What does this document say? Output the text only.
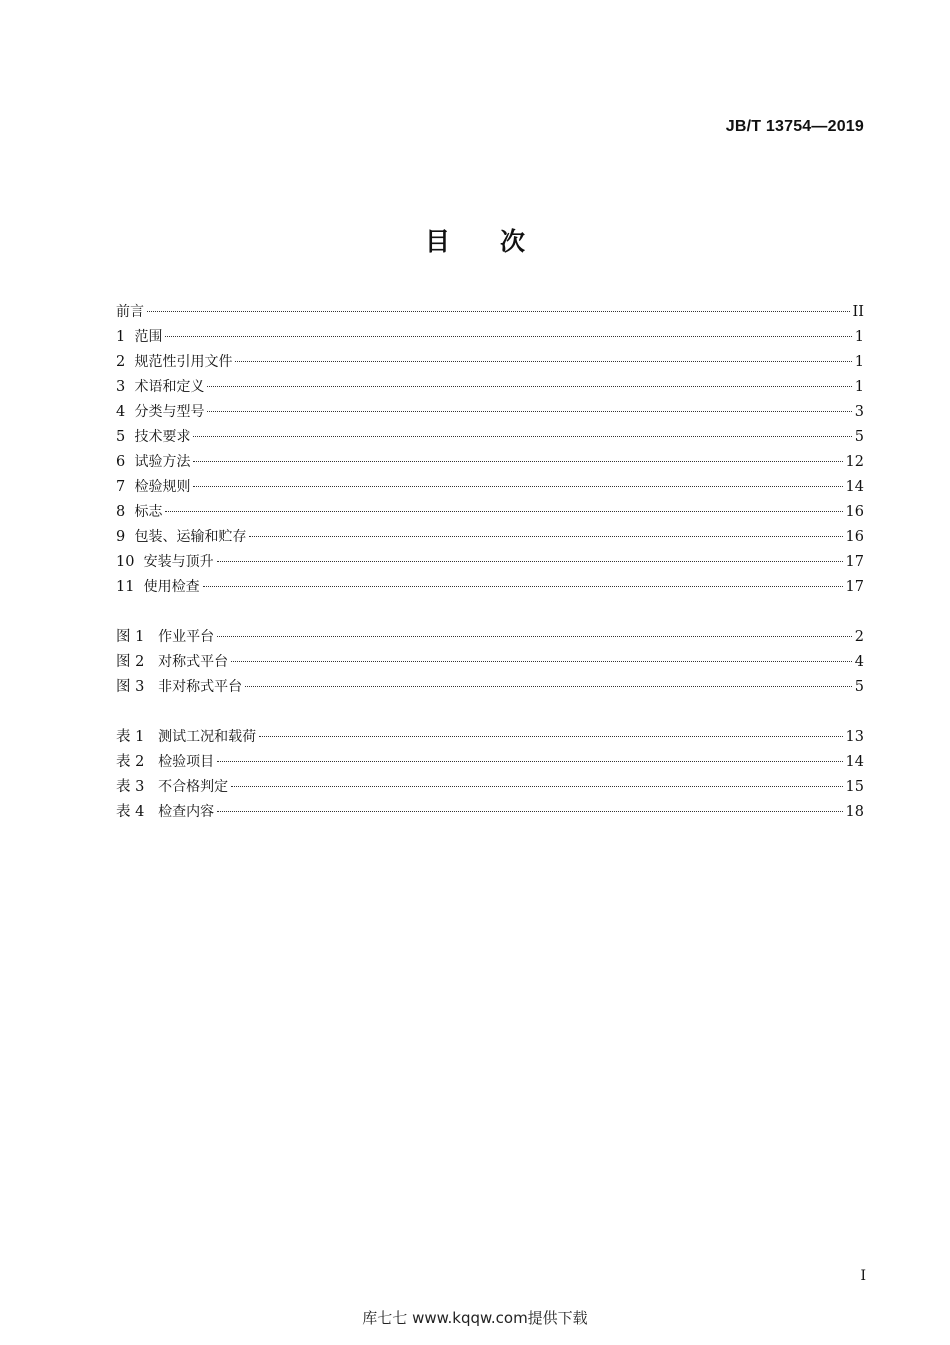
JB/T 13754—2019
目 次
前言	II
1 范围	1
2 规范性引用文件	1
3 术语和定义	1
4 分类与型号	3
5 技术要求	5
6 试验方法	12
7 检验规则	14
8 标志	16
9 包装、运输和贮存	16
10 安装与顶升	17
11 使用检查	17
图 1 作业平台	2
图 2 对称式平台	4
图 3 非对称式平台	5
表 1 测试工况和载荷	13
表 2 检验项目	14
表 3 不合格判定	15
表 4 检查内容	18
I
库七七 www.kqqw.com提供下载
